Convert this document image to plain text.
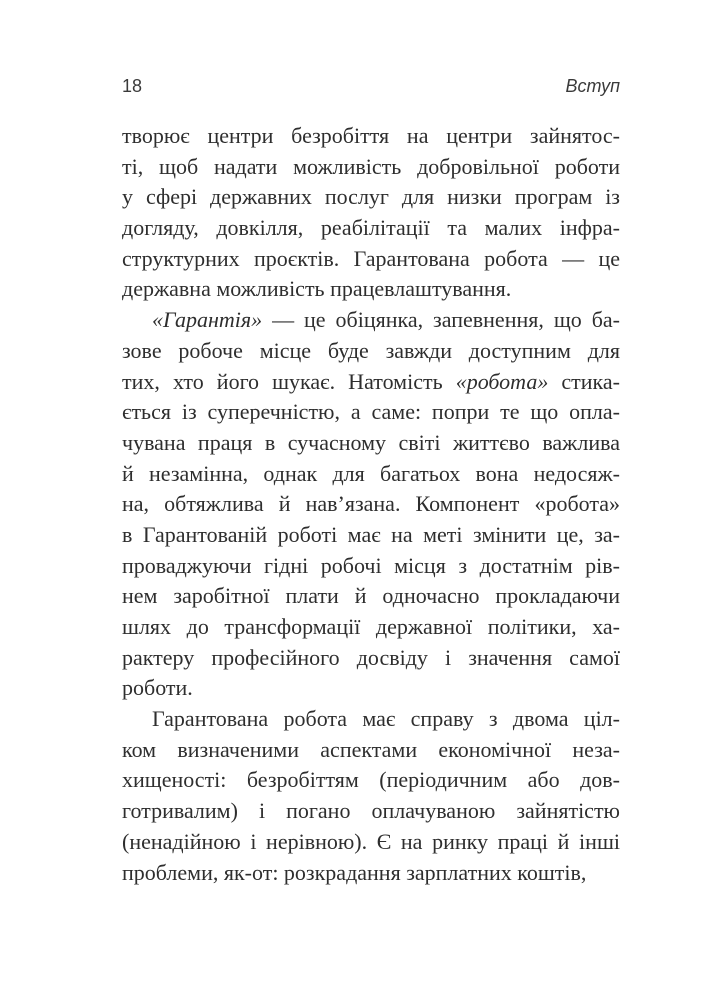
18	Вступ
творює центри безробіття на центри зайнятос-
ті, щоб надати можливість добровільної роботи
у сфері державних послуг для низки програм із
догляду, довкілля, реабілітації та малих інфра-
структурних проєктів. Гарантована робота — це
державна можливість працевлаштування.
«Гарантія» — це обіцянка, запевнення, що ба-
зове робоче місце буде завжди доступним для
тих, хто його шукає. Натомість «робота» стика-
ється із суперечністю, а саме: попри те що опла-
чувана праця в сучасному світі життєво важлива
й незамінна, однак для багатьох вона недосяж-
на, обтяжлива й нав’язана. Компонент «робота»
в Гарантованій роботі має на меті змінити це, за-
проваджуючи гідні робочі місця з достатнім рів-
нем заробітної плати й одночасно прокладаючи
шлях до трансформації державної політики, ха-
рактеру професійного досвіду і значення самої
роботи.
Гарантована робота має справу з двома ціл-
ком визначеними аспектами економічної неза-
хищеності: безробіттям (періодичним або дов-
готривалим) і погано оплачуваною зайнятістю
(ненадійною і нерівною). Є на ринку праці й інші
проблеми, як-от: розкрадання зарплатних коштів,
